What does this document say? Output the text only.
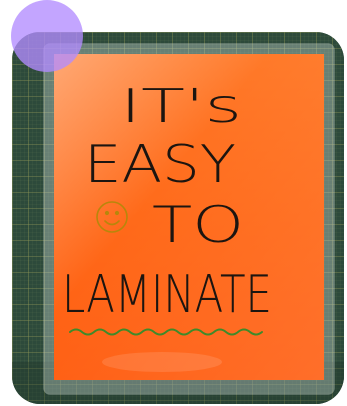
IT's
EASY
TO
LAMINATE
